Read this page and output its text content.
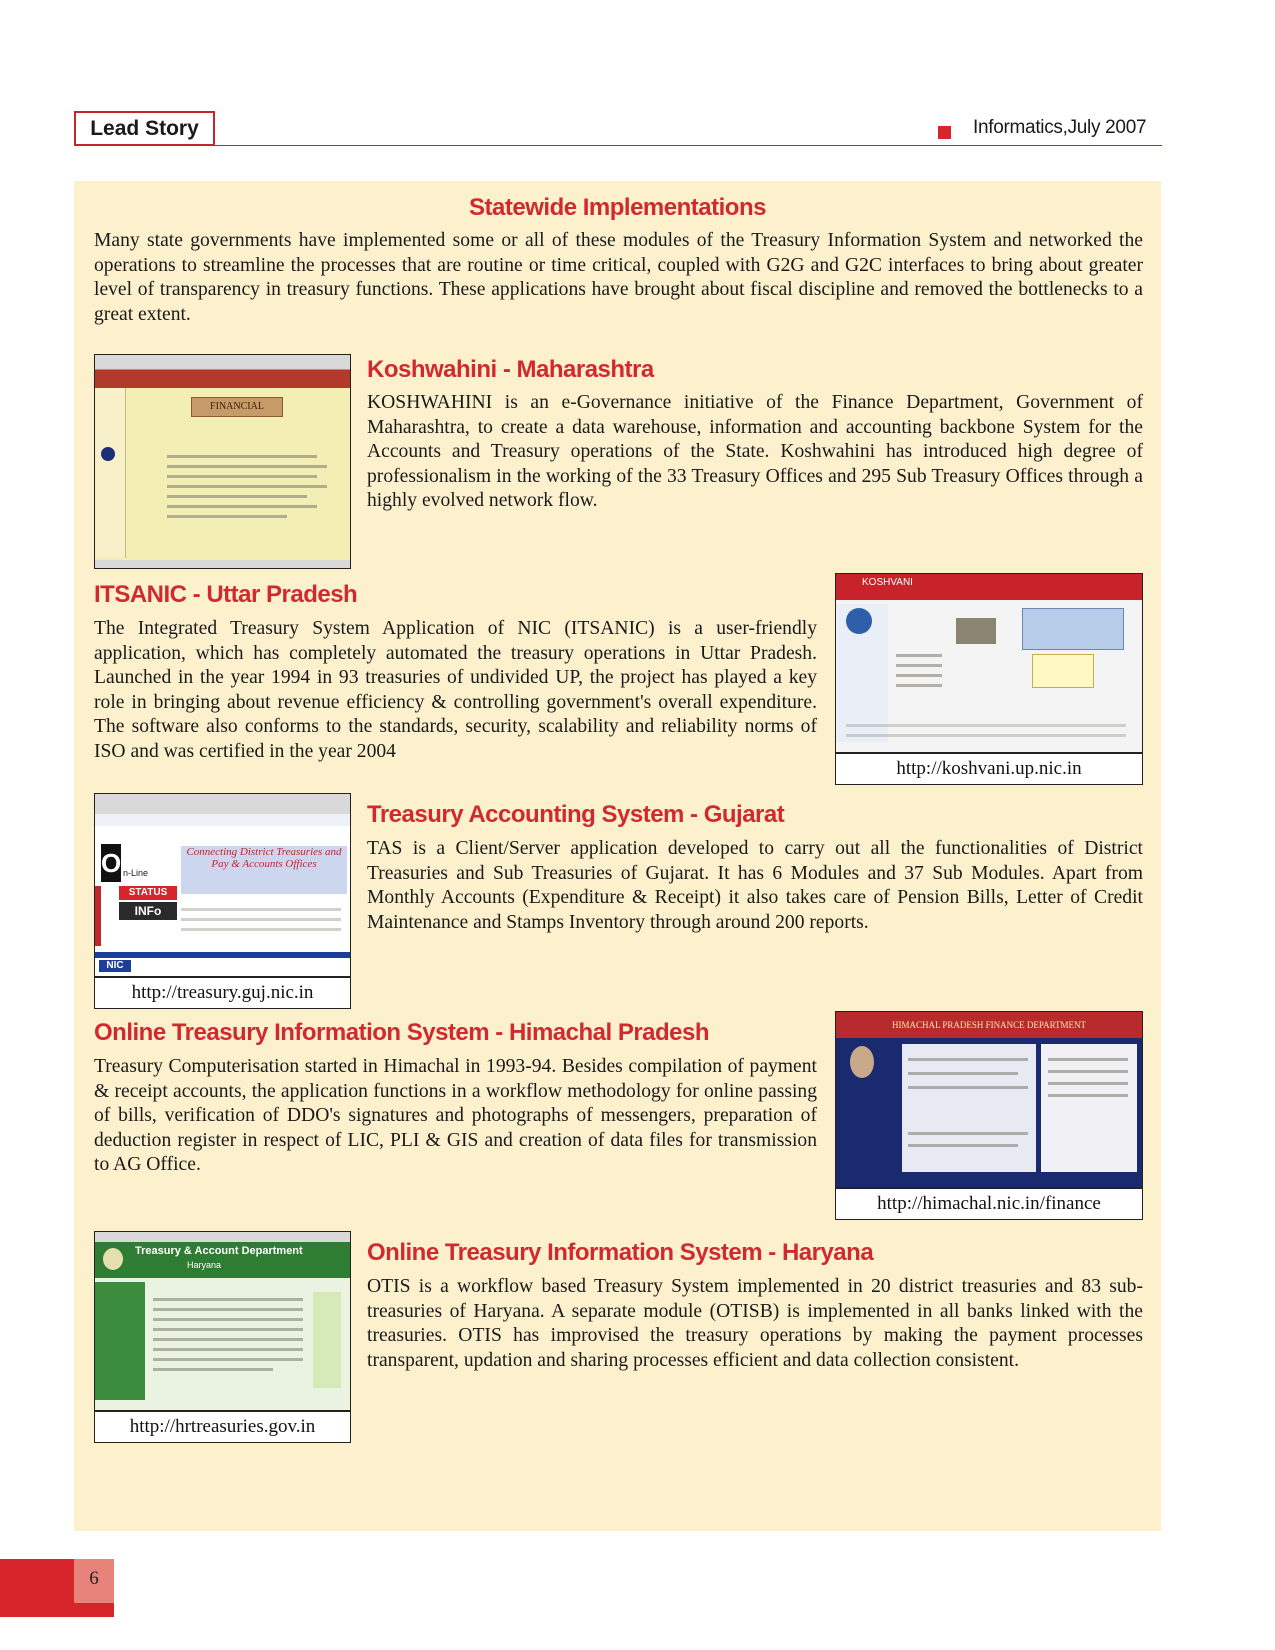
Lead Story	Informatics,July 2007
Statewide Implementations

Many state governments have implemented some or all of these modules of the Treasury Information System and networked the operations to streamline the processes that are routine or time critical, coupled with G2G and G2C interfaces to bring about greater level of transparency in treasury functions. These applications have brought about fiscal discipline and removed the bottlenecks to a great extent.

FINANCIAL
Koshwahini - Maharashtra

KOSHWAHINI is an e-Governance initiative of the Finance Department, Government of Maharashtra, to create a data warehouse, information and accounting backbone System for the Accounts and Treasury operations of the State. Koshwahini has introduced high degree of professionalism in the working of the 33 Treasury Offices and 295 Sub Treasury Offices through a highly evolved network flow.

ITSANIC - Uttar Pradesh

The Integrated Treasury System Application of NIC (ITSANIC) is a user-friendly application, which has completely automated the treasury operations in Uttar Pradesh. Launched in the year 1994 in 93 treasuries of undivided UP, the project has played a key role in bringing about revenue efficiency & controlling government's overall expenditure. The software also conforms to the standards, security, scalability and reliability norms of ISO and was certified in the year 2004

KOSHVANI
http://koshvani.up.nic.in
O n-Line
Connecting District Treasuries and Pay & Accounts Offices
STATUS
INFo
NIC
http://treasury.guj.nic.in
Treasury Accounting System - Gujarat

TAS is a Client/Server application developed to carry out all the functionalities of District Treasuries and Sub Treasuries of Gujarat. It has 6 Modules and 37 Sub Modules. Apart from Monthly Accounts (Expenditure & Receipt) it also takes care of Pension Bills, Letter of Credit Maintenance and Stamps Inventory through around 200 reports.

Online Treasury Information System - Himachal Pradesh

Treasury Computerisation started in Himachal in 1993-94. Besides compilation of payment & receipt accounts, the application functions in a workflow methodology for online passing of bills, verification of DDO's signatures and photographs of messengers, preparation of deduction register in respect of LIC, PLI & GIS and creation of data files for transmission to AG Office.

HIMACHAL PRADESH FINANCE DEPARTMENT
http://himachal.nic.in/finance
Treasury & Account Department
Haryana
http://hrtreasuries.gov.in
Online Treasury Information System - Haryana

OTIS is a workflow based Treasury System implemented in 20 district treasuries and 83 sub-treasuries of Haryana. A separate module (OTISB) is implemented in all banks linked with the treasuries. OTIS has improvised the treasury operations by making the payment processes transparent, updation and sharing processes efficient and data collection consistent.

6
